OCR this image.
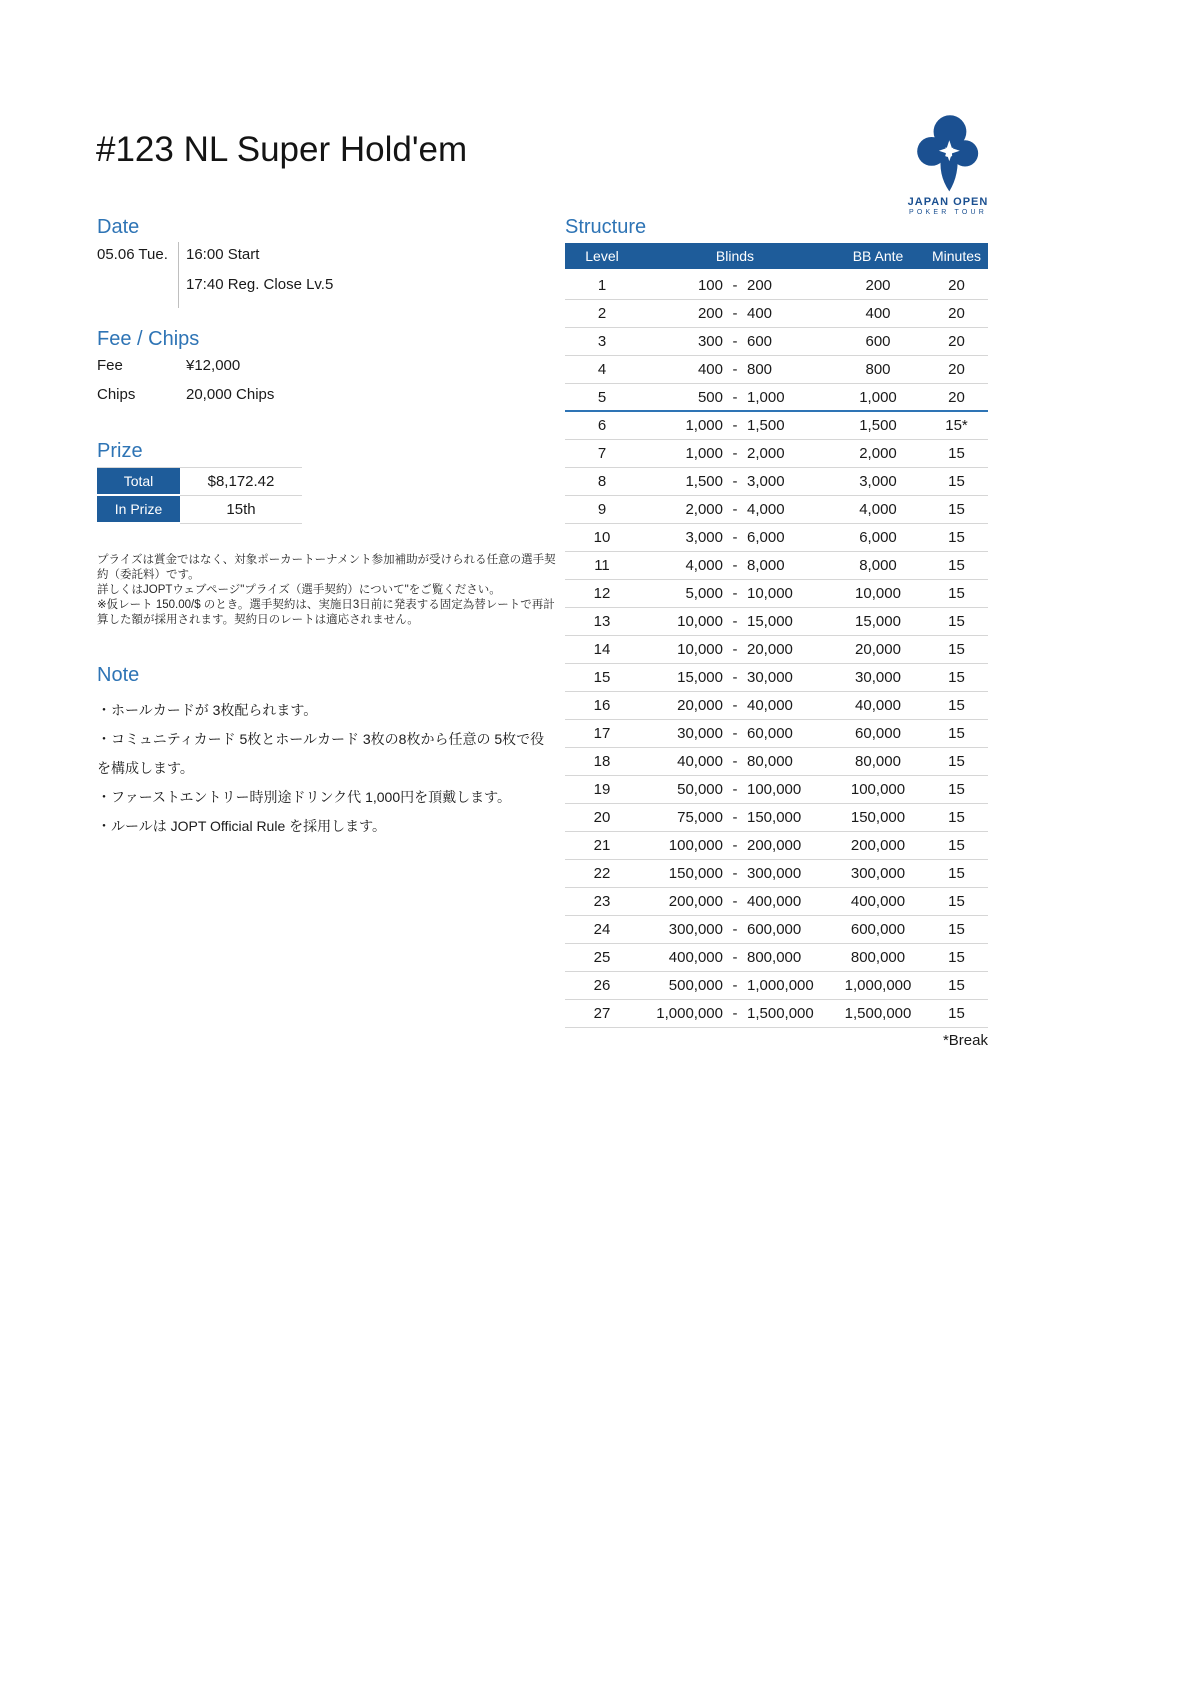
#123 NL Super Hold'em
JAPAN OPEN
POKER TOUR
Date
05.06 Tue. 16:00 Start
17:40 Reg. Close Lv.5
Fee / Chips
Fee	¥12,000
Chips	20,000 Chips
Prize
Total	$8,172.42
In Prize	15th
プライズは賞金ではなく、対象ポーカートーナメント参加補助が受けられる任意の選手契約（委託料）です。
詳しくはJOPTウェブページ"プライズ（選手契約）について"をご覧ください。
※仮レート 150.00/$ のとき。選手契約は、実施日3日前に発表する固定為替レートで再計算した額が採用されます。契約日のレートは適応されません。
Note
・ホールカードが 3枚配られます。
・コミュニティカード 5枚とホールカード 3枚の8枚から任意の 5枚で役を構成します。
・ファーストエントリー時別途ドリンク代 1,000円を頂戴します。
・ルールは JOPT Official Rule を採用します。
Structure
Level	Blinds	BB Ante	Minutes
1	100 - 200	200	20
2	200 - 400	400	20
3	300 - 600	600	20
4	400 - 800	800	20
5	500 - 1,000	1,000	20
6	1,000 - 1,500	1,500	15*
7	1,000 - 2,000	2,000	15
8	1,500 - 3,000	3,000	15
9	2,000 - 4,000	4,000	15
10	3,000 - 6,000	6,000	15
11	4,000 - 8,000	8,000	15
12	5,000 - 10,000	10,000	15
13	10,000 - 15,000	15,000	15
14	10,000 - 20,000	20,000	15
15	15,000 - 30,000	30,000	15
16	20,000 - 40,000	40,000	15
17	30,000 - 60,000	60,000	15
18	40,000 - 80,000	80,000	15
19	50,000 - 100,000	100,000	15
20	75,000 - 150,000	150,000	15
21	100,000 - 200,000	200,000	15
22	150,000 - 300,000	300,000	15
23	200,000 - 400,000	400,000	15
24	300,000 - 600,000	600,000	15
25	400,000 - 800,000	800,000	15
26	500,000 - 1,000,000	1,000,000	15
27	1,000,000 - 1,500,000	1,500,000	15
*Break
